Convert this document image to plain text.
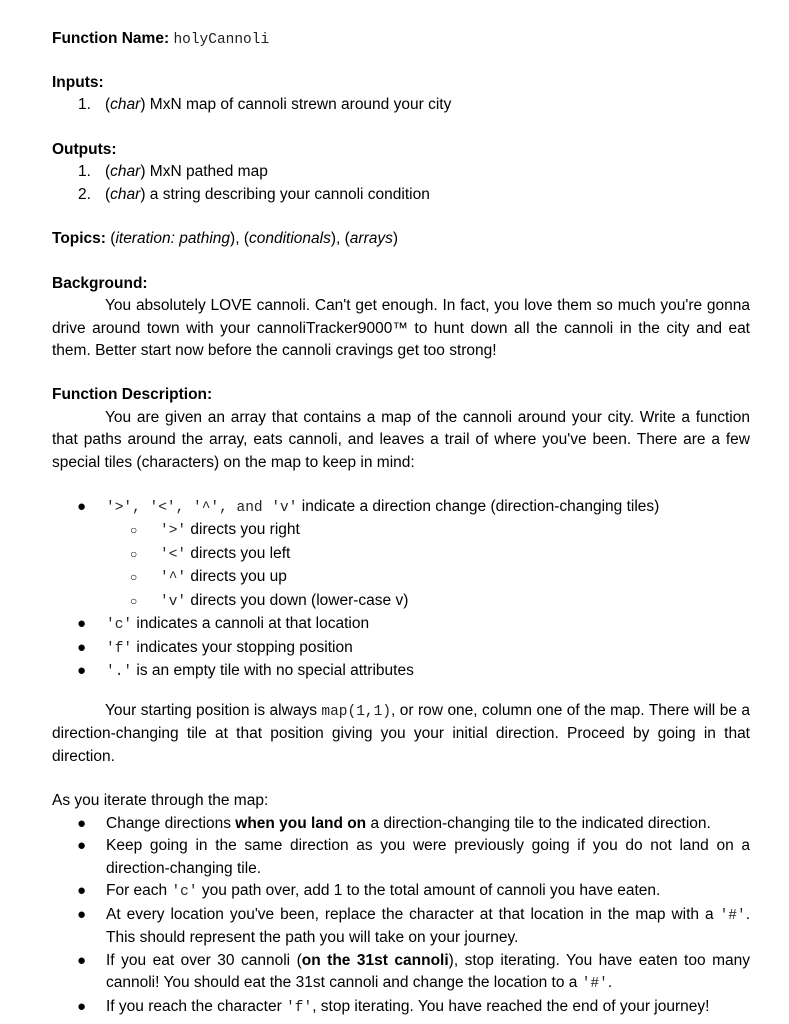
Function Name: holyCannoli
Inputs:
1. (char) MxN map of cannoli strewn around your city
Outputs:
1. (char) MxN pathed map
2. (char) a string describing your cannoli condition
Topics: (iteration: pathing), (conditionals), (arrays)
Background:
You absolutely LOVE cannoli. Can't get enough. In fact, you love them so much you're gonna drive around town with your cannoliTracker9000™ to hunt down all the cannoli in the city and eat them. Better start now before the cannoli cravings get too strong!
Function Description:
You are given an array that contains a map of the cannoli around your city. Write a function that paths around the array, eats cannoli, and leaves a trail of where you've been. There are a few special tiles (characters) on the map to keep in mind:
● '>', '<', '^', and 'v' indicate a direction change (direction-changing tiles)
○ '>' directs you right
○ '<' directs you left
○ '^' directs you up
○ 'v' directs you down (lower-case v)
● 'c' indicates a cannoli at that location
● 'f' indicates your stopping position
● '.' is an empty tile with no special attributes
Your starting position is always map(1,1), or row one, column one of the map. There will be a direction-changing tile at that position giving you your initial direction. Proceed by going in that direction.
As you iterate through the map:
● Change directions when you land on a direction-changing tile to the indicated direction.
● Keep going in the same direction as you were previously going if you do not land on a direction-changing tile.
● For each 'c' you path over, add 1 to the total amount of cannoli you have eaten.
● At every location you've been, replace the character at that location in the map with a '#'. This should represent the path you will take on your journey.
● If you eat over 30 cannoli (on the 31st cannoli), stop iterating. You have eaten too many cannoli! You should eat the 31st cannoli and change the location to a '#'.
● If you reach the character 'f', stop iterating. You have reached the end of your journey!
